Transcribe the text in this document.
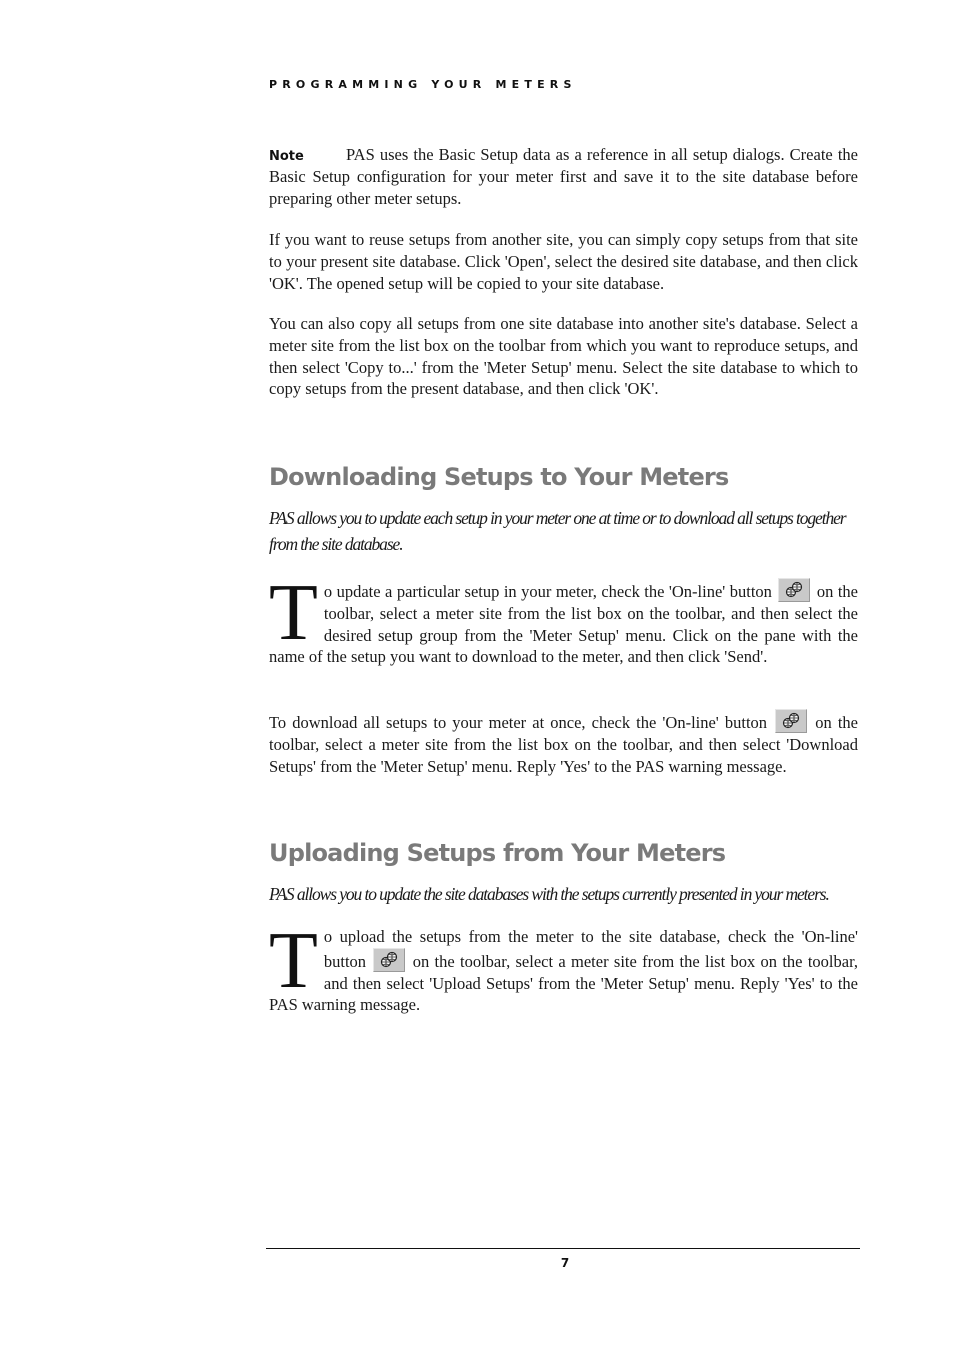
PROGRAMMING YOUR METERS
Note	PAS uses the Basic Setup data as a reference in all setup dialogs. Create the Basic Setup configuration for your meter first and save it to the site database before preparing other meter setups.

If you want to reuse setups from another site, you can simply copy setups from that site to your present site database. Click 'Open', select the desired site database, and then click 'OK'. The opened setup will be copied to your site database.

You can also copy all setups from one site database into another site's database. Select a meter site from the list box on the toolbar from which you want to reproduce setups, and then select 'Copy to...' from the 'Meter Setup' menu. Select the site database to which to copy setups from the present database, and then click 'OK'.

Downloading Setups to Your Meters
PAS allows you to update each setup in your meter one at time or to download all setups together from the site database.

To update a particular setup in your meter, check the 'On-line' button	on the toolbar, select a meter site from the list box on the toolbar, and then select the desired setup group from the 'Meter Setup' menu. Click on the pane with the name of the setup you want to download to the meter, and then click 'Send'.

To download all setups to your meter at once, check the 'On-line' button	on the toolbar, select a meter site from the list box on the toolbar, and then select 'Download Setups' from the 'Meter Setup' menu. Reply 'Yes' to the PAS warning message.

Uploading Setups from Your Meters
PAS allows you to update the site databases with the setups currently presented in your meters.

To upload the setups from the meter to the site database, check the 'On-line' button	on the toolbar, select a meter site from the list box on the toolbar, and then select 'Upload Setups' from the 'Meter Setup' menu. Reply 'Yes' to the PAS warning message.

7
